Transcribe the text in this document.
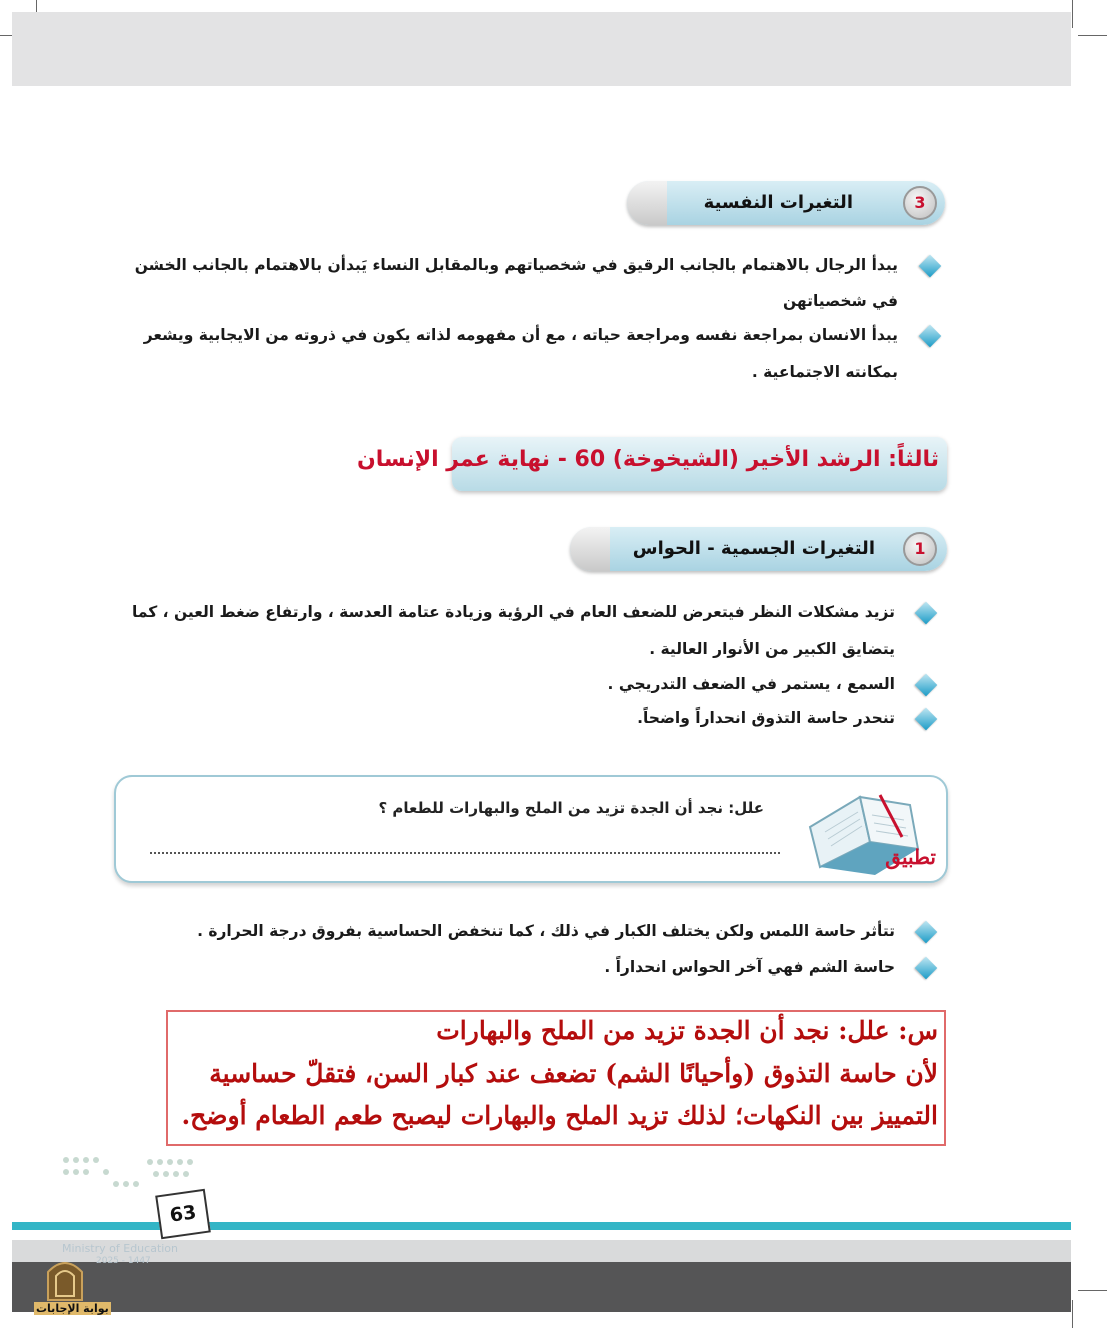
3
التغيرات النفسية
يبدأ الرجال بالاهتمام بالجانب الرقيق في شخصياتهم وبالمقابل النساء يَبدأن بالاهتمام بالجانب الخشن
في شخصياتهن
يبدأ الانسان بمراجعة نفسه ومراجعة حياته ، مع أن مفهومه لذاته يكون في ذروته من الايجابية ويشعر
بمكانته الاجتماعية .
ثالثاً: الرشد الأخير (الشيخوخة) 60 - نهاية عمر الإنسان
1
التغيرات الجسمية - الحواس
تزيد مشكلات النظر فيتعرض للضعف العام في الرؤية وزيادة عتامة العدسة ، وارتفاع ضغط العين ، كما
يتضايق الكبير من الأنوار العالية .
السمع ، يستمر في الضعف التدريجي .
تنحدر حاسة التذوق انحداراً واضحاً.
علل: نجد أن الجدة تزيد من الملح والبهارات للطعام ؟
تطبيق
تتأثر حاسة اللمس ولكن يختلف الكبار في ذلك ، كما تنخفض الحساسية بفروق درجة الحرارة .
حاسة الشم فهي آخر الحواس انحداراً .
س: علل: نجد أن الجدة تزيد من الملح والبهارات
لأن حاسة التذوق (وأحيانًا الشم) تضعف عند كبار السن، فتقلّ حساسية
التمييز بين النكهات؛ لذلك تزيد الملح والبهارات ليصبح طعم الطعام أوضح.
63
Ministry of Education
2025 - 1447
بوابة الإجابات
